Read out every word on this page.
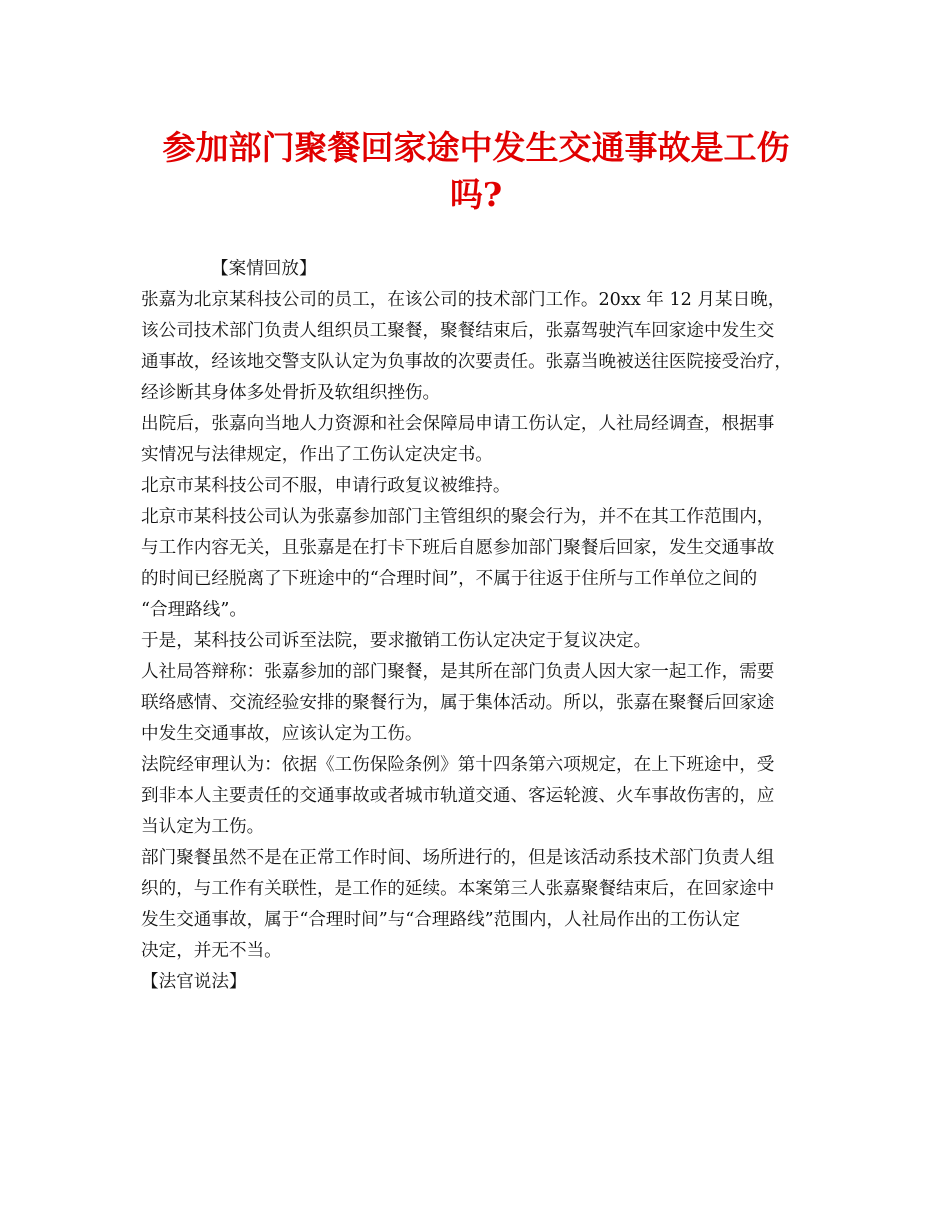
参加部门聚餐回家途中发生交通事故是工伤
吗?

【案情回放】

张嘉为北京某科技公司的员工，在该公司的技术部门工作。20xx 年 12 月某日晚，
该公司技术部门负责人组织员工聚餐，聚餐结束后，张嘉驾驶汽车回家途中发生交
通事故，经该地交警支队认定为负事故的次要责任。张嘉当晚被送往医院接受治疗，
经诊断其身体多处骨折及软组织挫伤。

出院后，张嘉向当地人力资源和社会保障局申请工伤认定，人社局经调查，根据事
实情况与法律规定，作出了工伤认定决定书。

北京市某科技公司不服，申请行政复议被维持。

北京市某科技公司认为张嘉参加部门主管组织的聚会行为，并不在其工作范围内，
与工作内容无关，且张嘉是在打卡下班后自愿参加部门聚餐后回家，发生交通事故
的时间已经脱离了下班途中的“合理时间”，不属于往返于住所与工作单位之间的
“合理路线”。

于是，某科技公司诉至法院，要求撤销工伤认定决定于复议决定。

人社局答辩称：张嘉参加的部门聚餐，是其所在部门负责人因大家一起工作，需要
联络感情、交流经验安排的聚餐行为，属于集体活动。所以，张嘉在聚餐后回家途
中发生交通事故，应该认定为工伤。

法院经审理认为：依据《工伤保险条例》第十四条第六项规定，在上下班途中，受
到非本人主要责任的交通事故或者城市轨道交通、客运轮渡、火车事故伤害的，应
当认定为工伤。

部门聚餐虽然不是在正常工作时间、场所进行的，但是该活动系技术部门负责人组
织的，与工作有关联性，是工作的延续。本案第三人张嘉聚餐结束后，在回家途中
发生交通事故，属于“合理时间”与“合理路线”范围内，人社局作出的工伤认定
决定，并无不当。

【法官说法】
